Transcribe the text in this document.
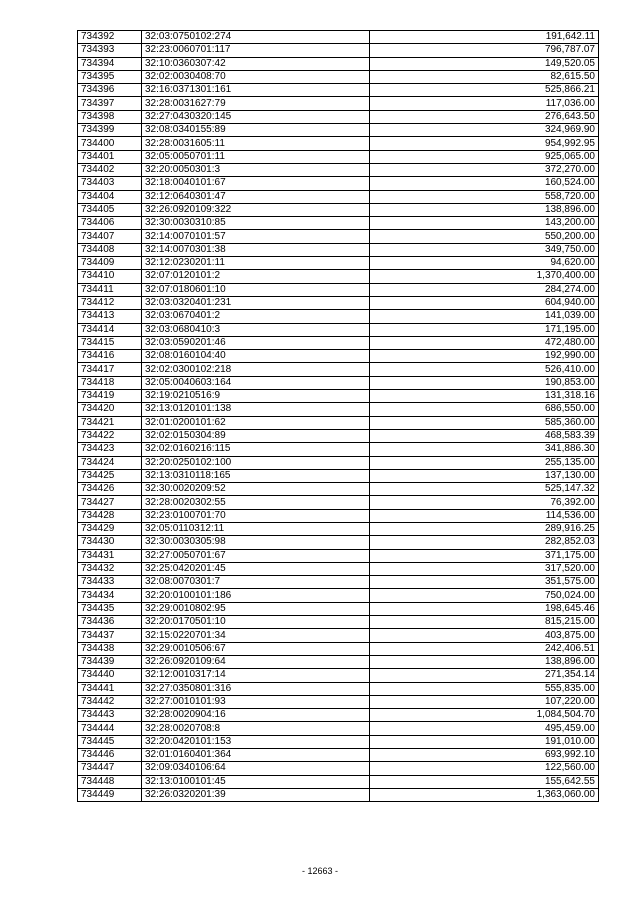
734392	32:03:0750102:274	191,642.11
734393	32:23:0060701:117	796,787.07
734394	32:10:0360307:42	149,520.05
734395	32:02:0030408:70	82,615.50
734396	32:16:0371301:161	525,866.21
734397	32:28:0031627:79	117,036.00
734398	32:27:0430320:145	276,643.50
734399	32:08:0340155:89	324,969.90
734400	32:28:0031605:11	954,992.95
734401	32:05:0050701:11	925,065.00
734402	32:20:0050301:3	372,270.00
734403	32:18:0040101:67	160,524.00
734404	32:12:0640301:47	558,720.00
734405	32:26:0920109:322	138,896.00
734406	32:30:0030310:85	143,200.00
734407	32:14:0070101:57	550,200.00
734408	32:14:0070301:38	349,750.00
734409	32:12:0230201:11	94,620.00
734410	32:07:0120101:2	1,370,400.00
734411	32:07:0180601:10	284,274.00
734412	32:03:0320401:231	604,940.00
734413	32:03:0670401:2	141,039.00
734414	32:03:0680410:3	171,195.00
734415	32:03:0590201:46	472,480.00
734416	32:08:0160104:40	192,990.00
734417	32:02:0300102:218	526,410.00
734418	32:05:0040603:164	190,853.00
734419	32:19:0210516:9	131,318.16
734420	32:13:0120101:138	686,550.00
734421	32:01:0200101:62	585,360.00
734422	32:02:0150304:89	468,583.39
734423	32:02:0160216:115	341,886.30
734424	32:20:0250102:100	255,135.00
734425	32:13:0310118:165	137,130.00
734426	32:30:0020209:52	525,147.32
734427	32:28:0020302:55	76,392.00
734428	32:23:0100701:70	114,536.00
734429	32:05:0110312:11	289,916.25
734430	32:30:0030305:98	282,852.03
734431	32:27:0050701:67	371,175.00
734432	32:25:0420201:45	317,520.00
734433	32:08:0070301:7	351,575.00
734434	32:20:0100101:186	750,024.00
734435	32:29:0010802:95	198,645.46
734436	32:20:0170501:10	815,215.00
734437	32:15:0220701:34	403,875.00
734438	32:29:0010506:67	242,406.51
734439	32:26:0920109:64	138,896.00
734440	32:12:0010317:14	271,354.14
734441	32:27:0350801:316	555,835.00
734442	32:27:0010101:93	107,220.00
734443	32:28:0020904:16	1,084,504.70
734444	32:28:0020708:8	495,459.00
734445	32:20:0420101:153	191,010.00
734446	32:01:0160401:364	693,992.10
734447	32:09:0340106:64	122,560.00
734448	32:13:0100101:45	155,642.55
734449	32:26:0320201:39	1,363,060.00
- 12663 -
